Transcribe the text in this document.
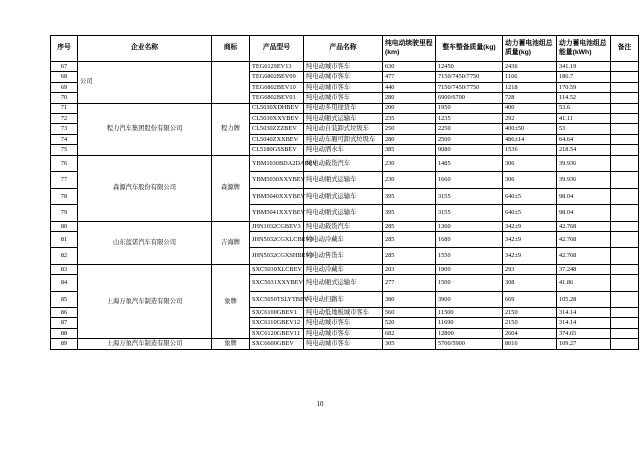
序号	企业名称	商标	产品型号	产品名称	纯电动续驶里程(km)	整车整备质量(kg)	动力蓄电池组总质量(kg)	动力蓄电池组总能量(kWh)	备注
67	公司		TEG6129EV13	纯电动城市客车	630	12450	2436	341.19	
68			TEG6802BEV09	纯电动城市客车	477	7150/7450/7750	1166	186.7	
69			TEG6802BEV10	纯电动城市客车	440	7150/7450/7750	1218	170.59	
70			TEG6802BEV01	纯电动城市客车	280	6900/6700	728	114.52	
71	程力汽车集团股份有限公司	程力牌	CL5030XDHBEV	纯电动多用途货车	200	1950	400	53.6	
72			CL5030XXYBEV	纯电动厢式运输车	235	1235	292	41.11	
73			CL5030ZZZBEV	纯电动自装卸式垃圾车	250	2250	400±50	53	
74			CL5040ZXXBEV	纯电动车厢可卸式垃圾车	280	2500	486±14	64.64	
75			CL5180GSSBEV	纯电动洒水车	385	9080	1536	218.54	
76	森源汽车股份有限公司	森源牌	YBM1030BDA2DABEV	纯电动载货汽车	230	1485	306	39.936	
77			YBM5030XXYBEV	纯电动厢式运输车	230	1660	306	39.936	
78			YBM5040XXYBEV	纯电动厢式运输车	395	3155	640±5	98.04	
79			YBM5041XXYBEV	纯电动厢式运输车	395	3155	640±5	98.04	
80	山东蓝诺汽车有限公司	吉海牌	JHN1032CGBEV3	纯电动载货汽车	285	1360	342±9	42.768	
81			JHN5032CGXLCBEV3	纯电动冷藏车	285	1680	342±9	42.768	
82			JHN5032CGXSHBEV3	纯电动售货车	285	1550	342±9	42.768	
83	上海万象汽车制造有限公司	象牌	SXC5030XLCBEV	纯电动冷藏车	203	1900	293	37.248	
84			SXC5031XXYBEV	纯电动厢式运输车	277	1500	308	41.86	
85			SXC5050TSLYTBEV	纯电动扫路车	380	3900	669	105.28	
86			SXC6100GBEV1	纯电动低地板城市客车	560	11500	2150	314.14	
87			SXC6110GBEV12	纯电动城市客车	520	11690	2150	314.14	
88			SXC6120GBEV11	纯电动城市客车	682	12800	2604	374.65	
89	上海万象汽车制造有限公司	象牌	SXC6600GBEV	纯电动城市客车	305	5700/5900	8016	109.27	
10
